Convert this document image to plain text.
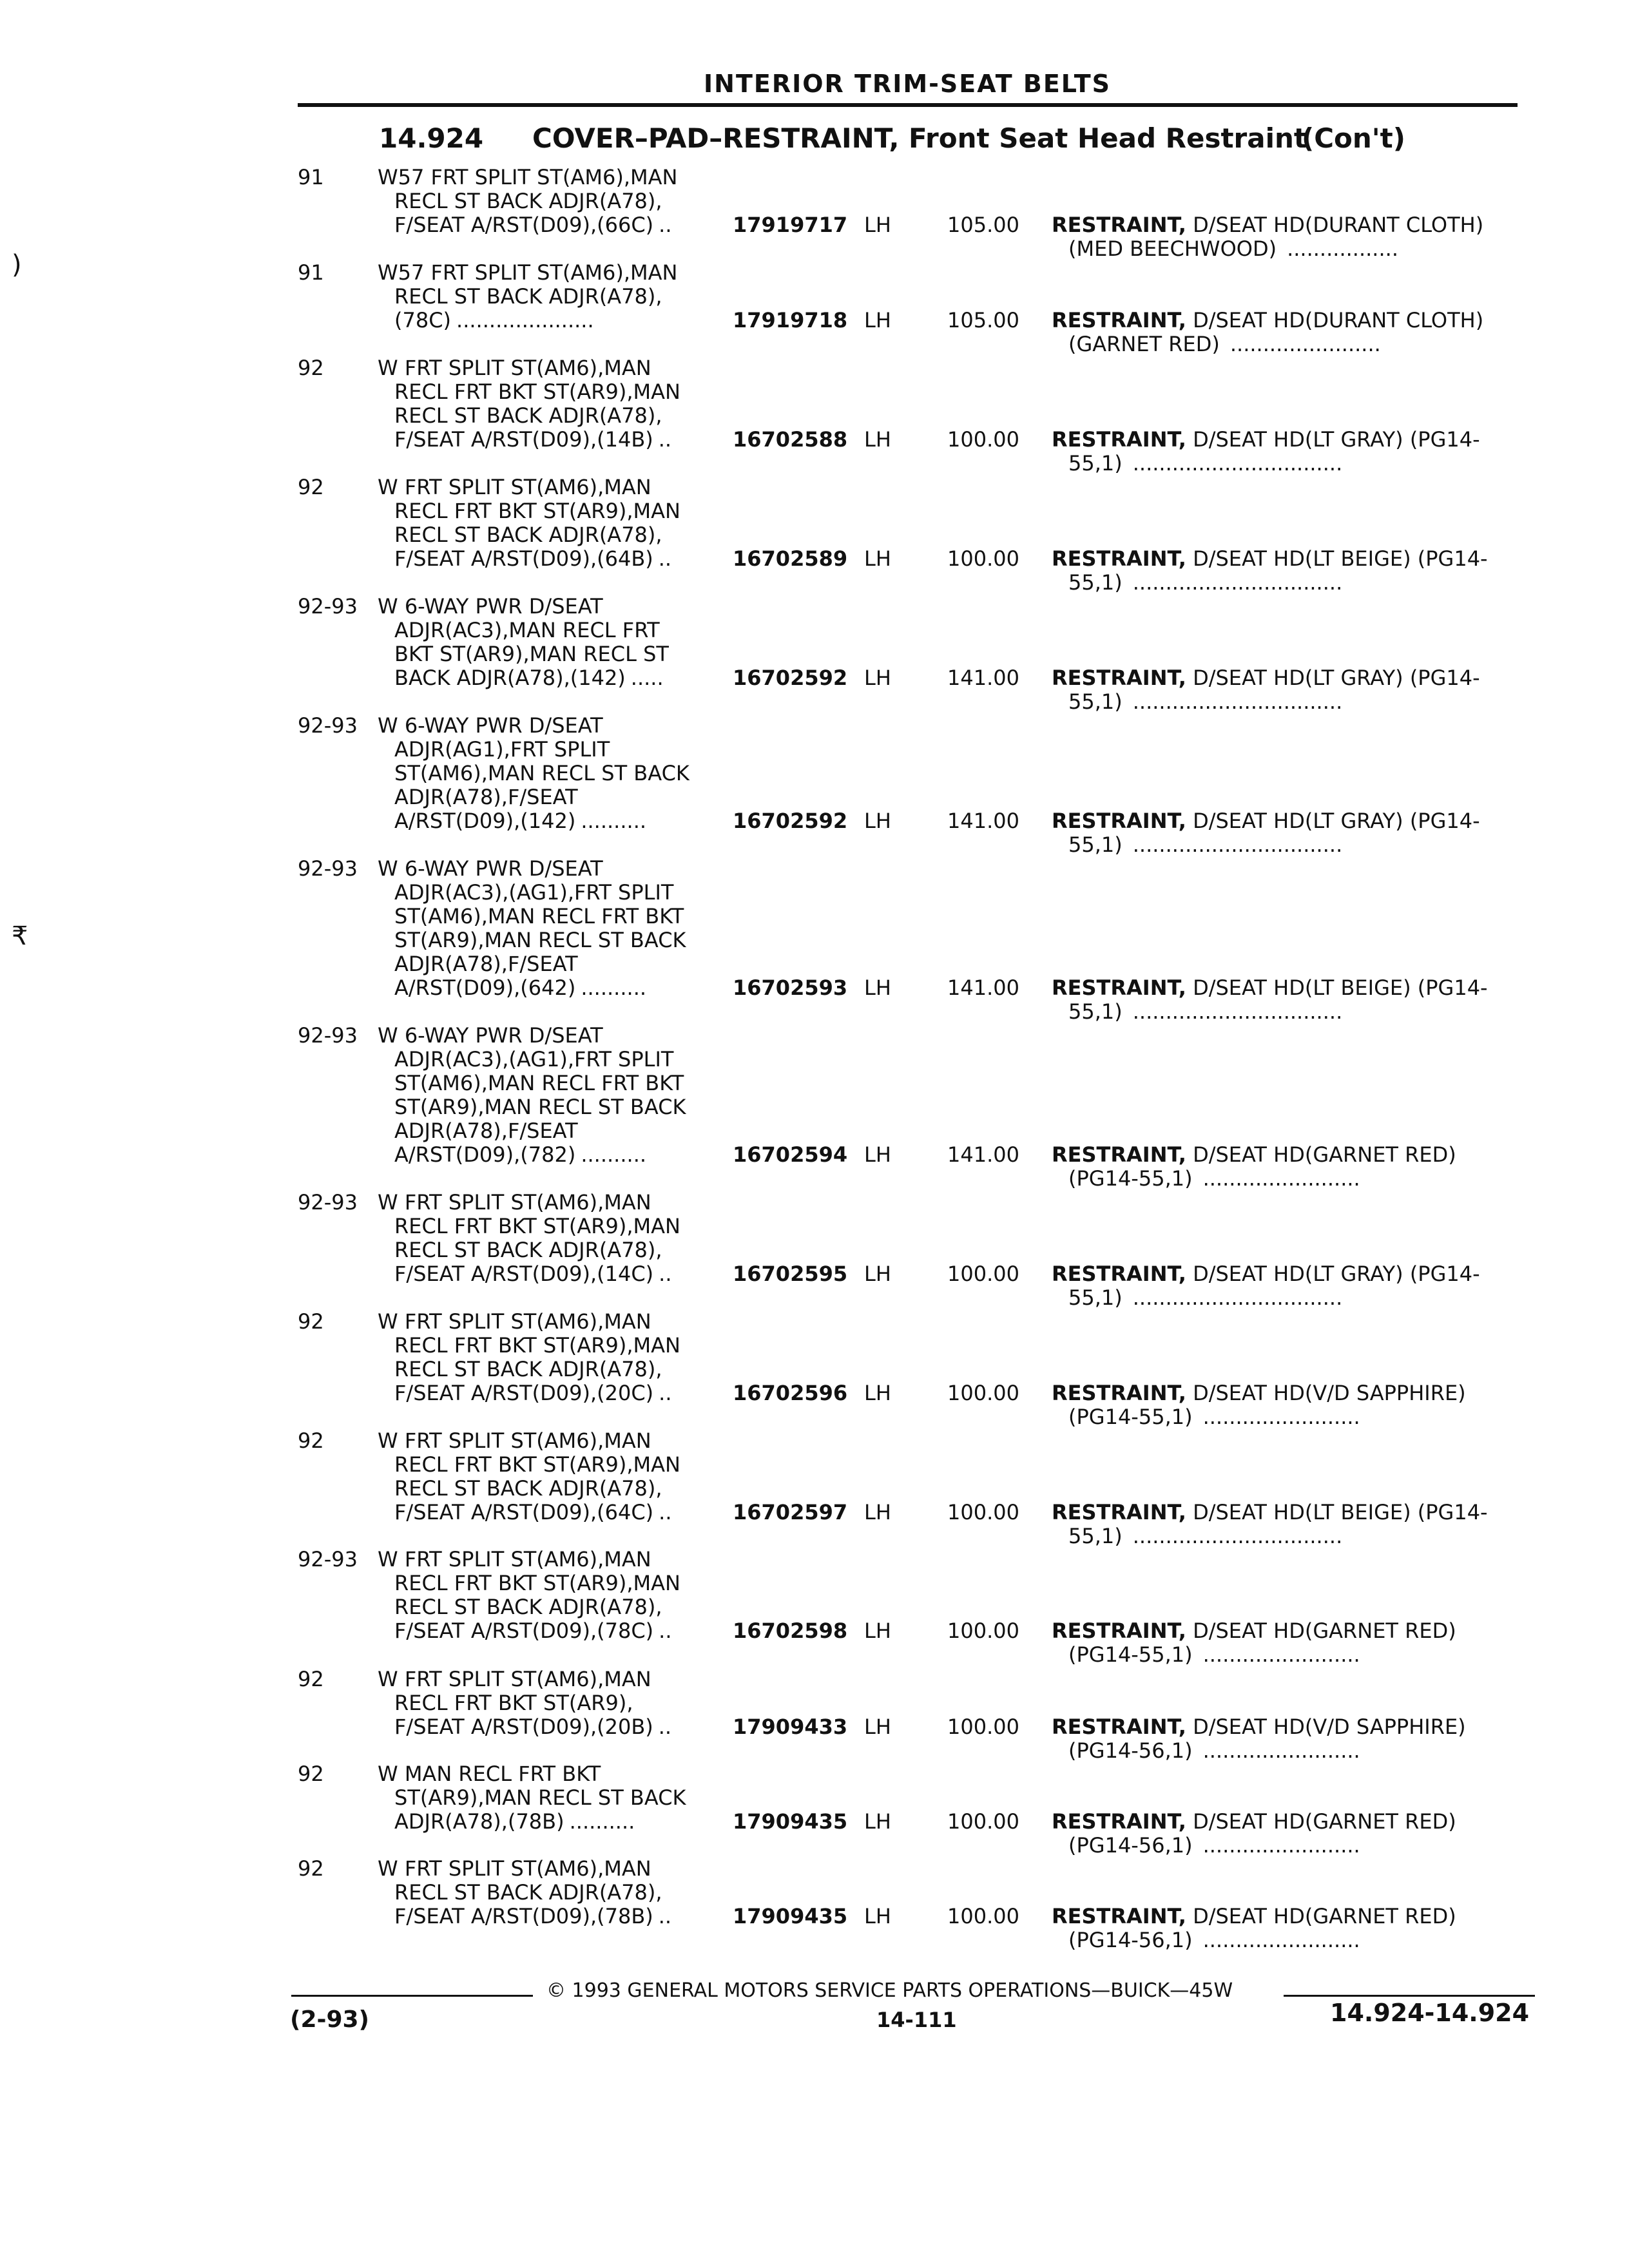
INTERIOR TRIM-SEAT BELTS
14.924 COVER–PAD–RESTRAINT, Front Seat Head Restraint
(Con't)
)
₹
91	W57 FRT SPLIT ST(AM6),MAN
RECL ST BACK ADJR(A78),
F/SEAT A/RST(D09),(66C) ..	17919717 LH	105.00 RESTRAINT, D/SEAT HD(DURANT CLOTH)
(MED BEECHWOOD) .................
91	W57 FRT SPLIT ST(AM6),MAN
RECL ST BACK ADJR(A78),
(78C) .....................	17919718 LH	105.00 RESTRAINT, D/SEAT HD(DURANT CLOTH)
(GARNET RED) .......................
92	W FRT SPLIT ST(AM6),MAN
RECL FRT BKT ST(AR9),MAN
RECL ST BACK ADJR(A78),
F/SEAT A/RST(D09),(14B) ..	16702588 LH	100.00 RESTRAINT, D/SEAT HD(LT GRAY) (PG14-
55,1) ................................
92	W FRT SPLIT ST(AM6),MAN
RECL FRT BKT ST(AR9),MAN
RECL ST BACK ADJR(A78),
F/SEAT A/RST(D09),(64B) ..	16702589 LH	100.00 RESTRAINT, D/SEAT HD(LT BEIGE) (PG14-
55,1) ................................
92-93 W 6-WAY PWR D/SEAT
ADJR(AC3),MAN RECL FRT
BKT ST(AR9),MAN RECL ST
BACK ADJR(A78),(142) .....	16702592 LH	141.00 RESTRAINT, D/SEAT HD(LT GRAY) (PG14-
55,1) ................................
92-93 W 6-WAY PWR D/SEAT
ADJR(AG1),FRT SPLIT
ST(AM6),MAN RECL ST BACK
ADJR(A78),F/SEAT
A/RST(D09),(142) ..........	16702592 LH	141.00 RESTRAINT, D/SEAT HD(LT GRAY) (PG14-
55,1) ................................
92-93 W 6-WAY PWR D/SEAT
ADJR(AC3),(AG1),FRT SPLIT
ST(AM6),MAN RECL FRT BKT
ST(AR9),MAN RECL ST BACK
ADJR(A78),F/SEAT
A/RST(D09),(642) ..........	16702593 LH	141.00 RESTRAINT, D/SEAT HD(LT BEIGE) (PG14-
55,1) ................................
92-93 W 6-WAY PWR D/SEAT
ADJR(AC3),(AG1),FRT SPLIT
ST(AM6),MAN RECL FRT BKT
ST(AR9),MAN RECL ST BACK
ADJR(A78),F/SEAT
A/RST(D09),(782) ..........	16702594 LH	141.00 RESTRAINT, D/SEAT HD(GARNET RED)
(PG14-55,1) ........................
92-93 W FRT SPLIT ST(AM6),MAN
RECL FRT BKT ST(AR9),MAN
RECL ST BACK ADJR(A78),
F/SEAT A/RST(D09),(14C) ..	16702595 LH	100.00 RESTRAINT, D/SEAT HD(LT GRAY) (PG14-
55,1) ................................
92	W FRT SPLIT ST(AM6),MAN
RECL FRT BKT ST(AR9),MAN
RECL ST BACK ADJR(A78),
F/SEAT A/RST(D09),(20C) ..	16702596 LH	100.00 RESTRAINT, D/SEAT HD(V/D SAPPHIRE)
(PG14-55,1) ........................
92	W FRT SPLIT ST(AM6),MAN
RECL FRT BKT ST(AR9),MAN
RECL ST BACK ADJR(A78),
F/SEAT A/RST(D09),(64C) ..	16702597 LH	100.00 RESTRAINT, D/SEAT HD(LT BEIGE) (PG14-
55,1) ................................
92-93 W FRT SPLIT ST(AM6),MAN
RECL FRT BKT ST(AR9),MAN
RECL ST BACK ADJR(A78),
F/SEAT A/RST(D09),(78C) ..	16702598 LH	100.00 RESTRAINT, D/SEAT HD(GARNET RED)
(PG14-55,1) ........................
92	W FRT SPLIT ST(AM6),MAN
RECL FRT BKT ST(AR9),
F/SEAT A/RST(D09),(20B) ..	17909433 LH	100.00 RESTRAINT, D/SEAT HD(V/D SAPPHIRE)
(PG14-56,1) ........................
92	W MAN RECL FRT BKT
ST(AR9),MAN RECL ST BACK
ADJR(A78),(78B) ..........	17909435 LH	100.00 RESTRAINT, D/SEAT HD(GARNET RED)
(PG14-56,1) ........................
92	W FRT SPLIT ST(AM6),MAN
RECL ST BACK ADJR(A78),
F/SEAT A/RST(D09),(78B) ..	17909435 LH	100.00 RESTRAINT, D/SEAT HD(GARNET RED)
(PG14-56,1) ........................
© 1993 GENERAL MOTORS SERVICE PARTS OPERATIONS—BUICK—45W
(2-93)	14-111	14.924-14.924
